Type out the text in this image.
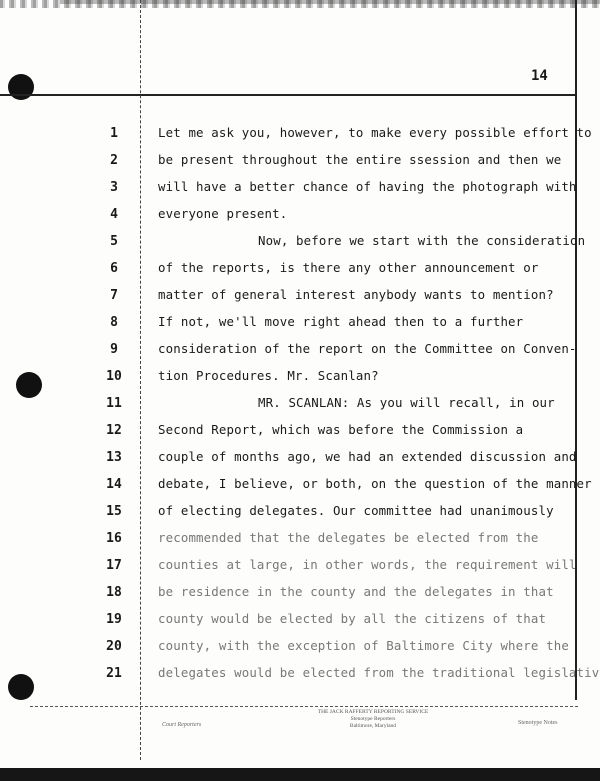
14
1	Let me ask you, however, to make every possible effort to
2	be present throughout the entire ssession and then we
3	will have a better chance of having the photograph with
4	everyone present.
5	Now, before we start with the consideration
6	of the reports, is there any other announcement or
7	matter of general interest anybody wants to mention?
8	If not, we'll move right ahead then to a further
9	consideration of the report on the Committee on Conven-
10	tion Procedures. Mr. Scanlan?
11	MR. SCANLAN: As you will recall, in our
12	Second Report, which was before the Commission a
13	couple of months ago, we had an extended discussion and
14	debate, I believe, or both, on the question of the manner
15	of electing delegates. Our committee had unanimously
16	recommended that the delegates be elected from the
17	counties at large, in other words, the requirement will
18	be residence in the county and the delegates in that
19	county would be elected by all the citizens of that
20	county, with the exception of Baltimore City where the
21	delegates would be elected from the traditional legislativ
THE JACK RAFFERTY REPORTING SERVICE
Stenotype Reporters
Baltimore, Maryland
Court Reporters	Stenotype Notes
